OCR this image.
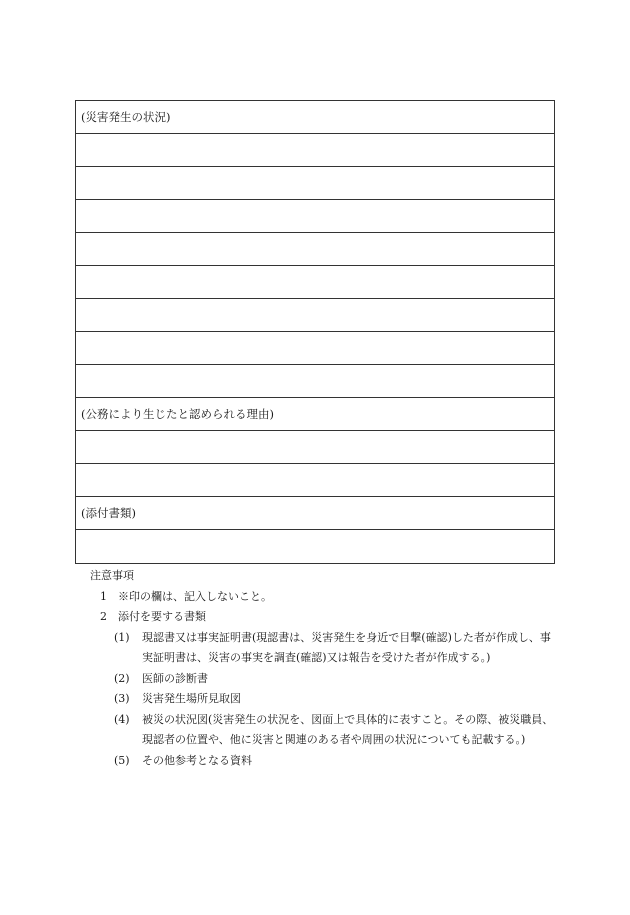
(災害発生の状況)
(公務により生じたと認められる理由)
(添付書類)
注意事項
1 ※印の欄は、記入しないこと。
2 添付を要する書類
(1)	現認書又は事実証明書(現認書は、災害発生を身近で目撃(確認)した者が作成し、事実証明書は、災害の事実を調査(確認)又は報告を受けた者が作成する。)
(2)	医師の診断書
(3)	災害発生場所見取図
(4)	被災の状況図(災害発生の状況を、図面上で具体的に表すこと。その際、被災職員、現認者の位置や、他に災害と関連のある者や周囲の状況についても記載する。)
(5)	その他参考となる資料
